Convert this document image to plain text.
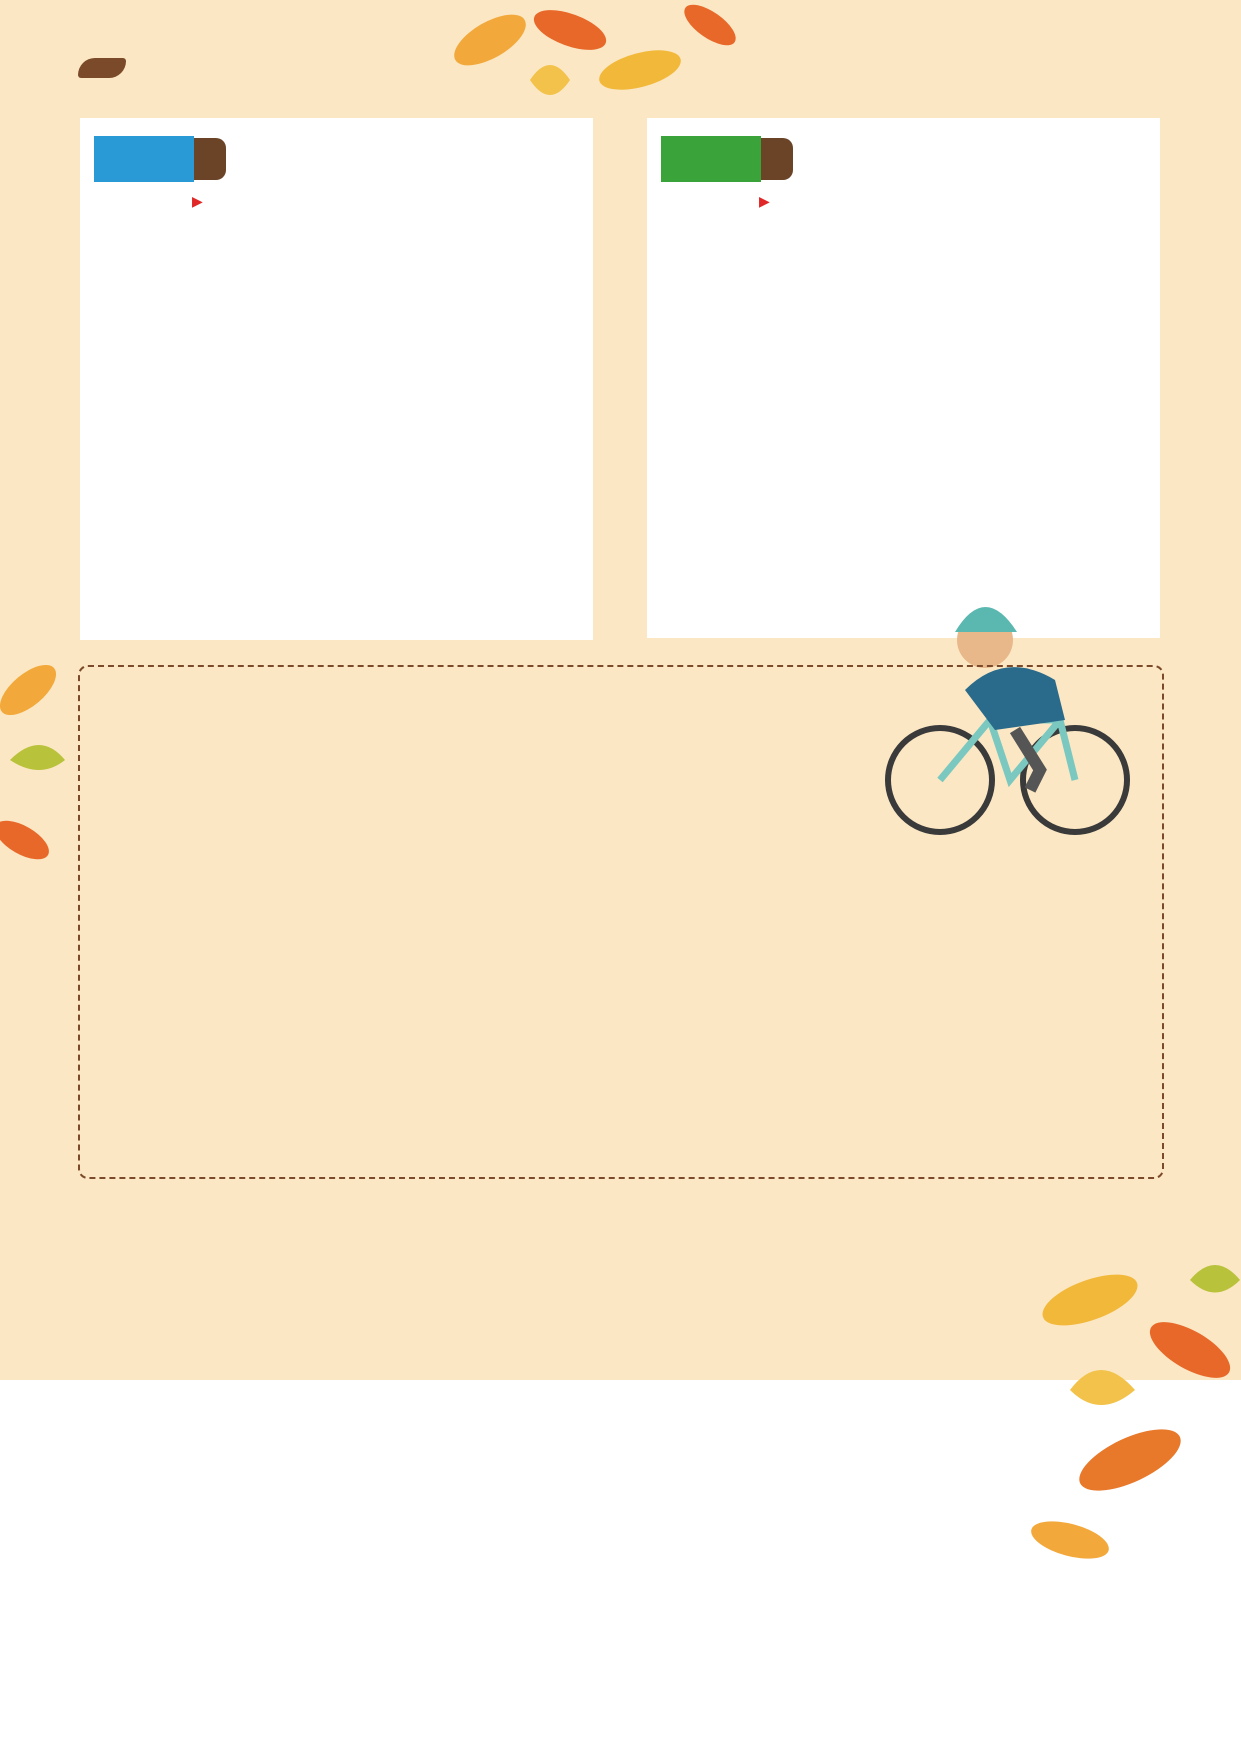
▶	▶
